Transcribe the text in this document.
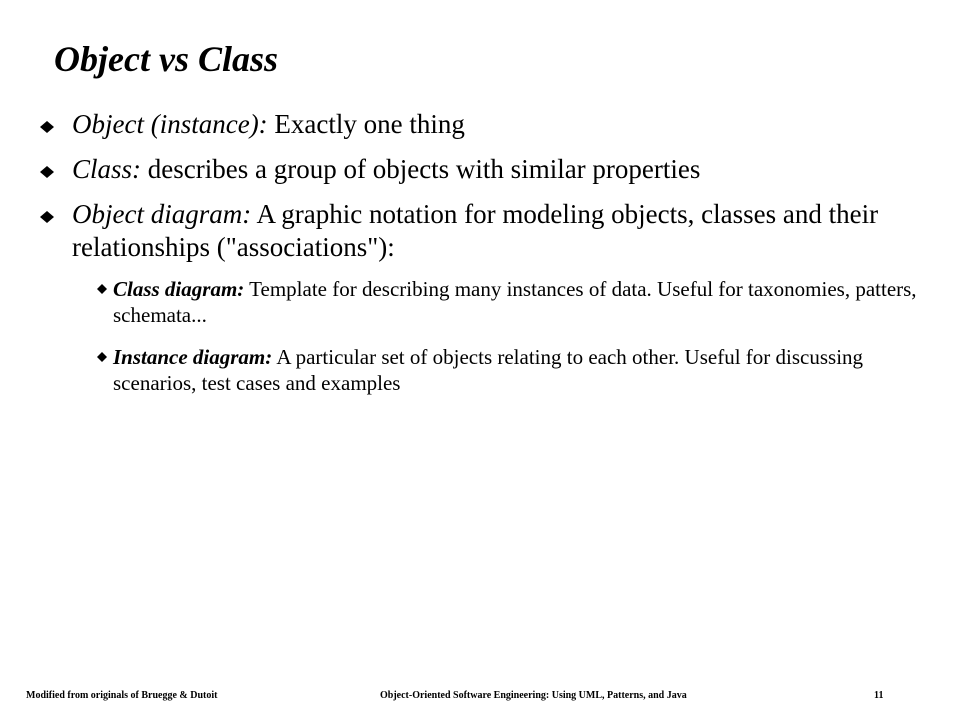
Object vs Class
Object (instance): Exactly one thing
Class: describes a group of objects with similar properties
Object diagram: A graphic notation for modeling objects, classes and their relationships ("associations"):
Class diagram: Template for describing many instances of data. Useful for taxonomies, patters, schemata...
Instance diagram: A particular set of objects relating to each other. Useful for discussing scenarios, test cases and examples
Modified from originals of Bruegge & Dutoit	Object-Oriented Software Engineering: Using UML, Patterns, and Java	11
